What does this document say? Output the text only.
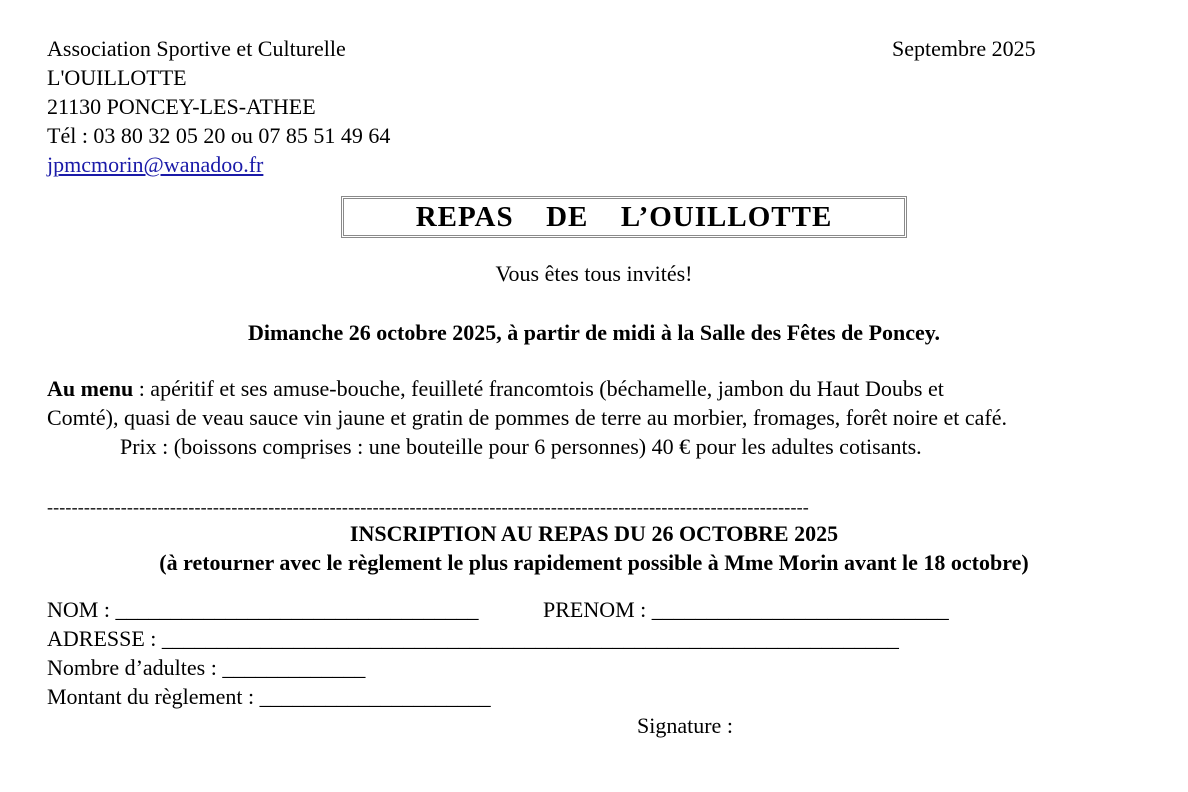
Association Sportive et Culturelle
L'OUILLOTTE
21130 PONCEY-LES-ATHEE
Tél : 03 80 32 05 20 ou 07 85 51 49 64
jpmcmorin@wanadoo.fr
Septembre 2025
REPAS  DE  L’OUILLOTTE
Vous êtes tous invités!
Dimanche 26 octobre 2025, à partir de midi à la Salle des Fêtes de Poncey.
Au menu : apéritif et ses amuse-bouche, feuilleté francomtois (béchamelle, jambon du Haut Doubs et
Comté), quasi de veau sauce vin jaune et gratin de pommes de terre au morbier, fromages, forêt noire et café.
Prix : (boissons comprises : une bouteille pour 6 personnes) 40 € pour les adultes cotisants.
----------------------------------------------------------------------------------------------------------------------------
INSCRIPTION AU REPAS DU 26 OCTOBRE 2025
(à retourner avec le règlement le plus rapidement possible à Mme Morin avant le 18 octobre)
NOM : _________________________________	PRENOM : ___________________________
ADRESSE : ___________________________________________________________________
Nombre d’adultes : _____________
Montant du règlement : _____________________
Signature :
